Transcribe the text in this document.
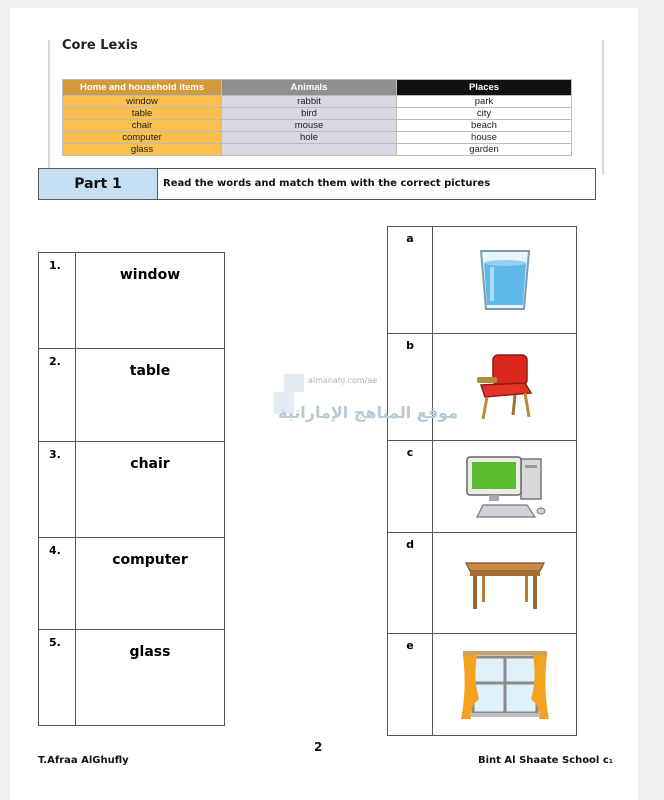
Core Lexis
Home and household items	Animals	Places
window	rabbit	park
table	bird	city
chair	mouse	beach
computer	hole	house
glass		garden
Part 1	Read the words and match them with the correct pictures
1.	window
2.	table
3.	chair
4.	computer
5.	glass
a	

b	

c	

d	

e	
almanahj.com/ae
موقع المناهج الإماراتية
2
T.Afraa AlGhufly	Bint Al Shaate School c₁
